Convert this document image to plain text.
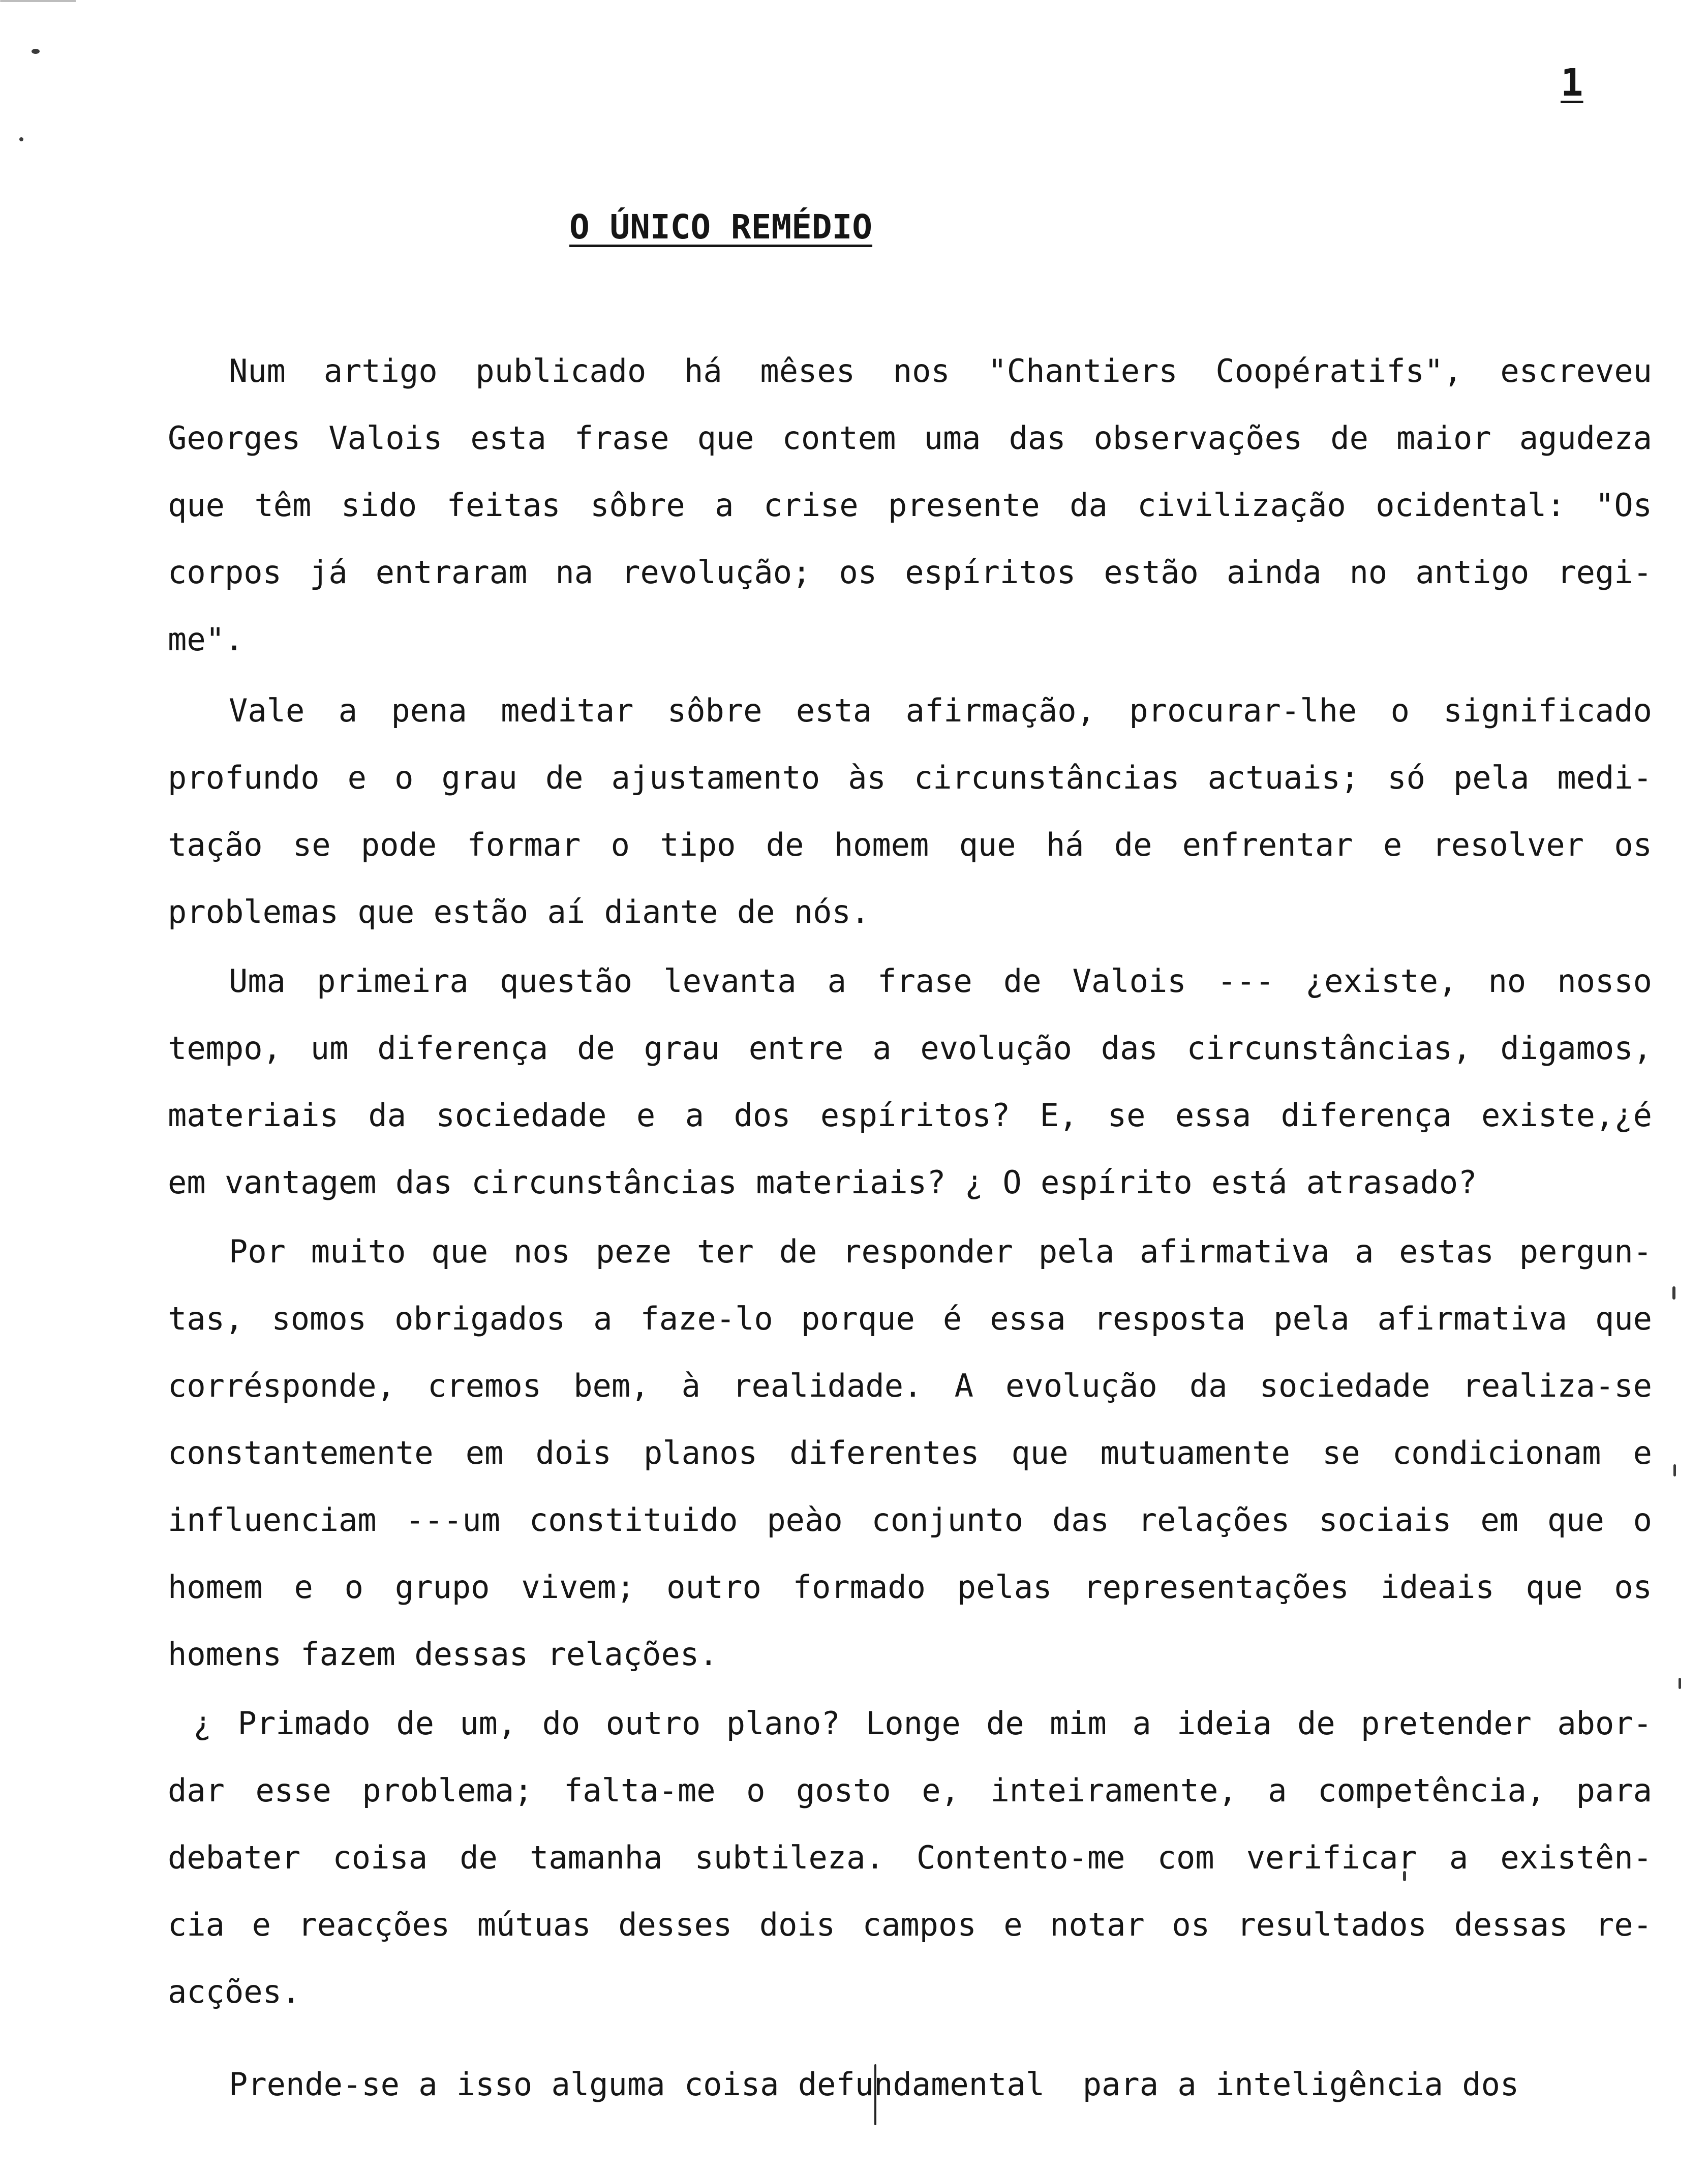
1
O ÚNICO REMÉDIO
Num artigo publicado há mêses nos "Chantiers Coopératifs", escreveu
Georges Valois esta frase que contem uma das observações de maior agudeza
que têm sido feitas sôbre a crise presente da civilização ocidental: "Os
corpos já entraram na revolução; os espíritos estão ainda no antigo regi-
me".
Vale a pena meditar sôbre esta afirmação, procurar-lhe o significado
profundo e o grau de ajustamento às circunstâncias actuais; só pela medi-
tação se pode formar o tipo de homem que há de enfrentar e resolver os
problemas que estão aí diante de nós.
Uma primeira questão levanta a frase de Valois --- ¿existe, no nosso
tempo, um diferença de grau entre a evolução das circunstâncias, digamos,
materiais da sociedade e a dos espíritos? E, se essa diferença existe,¿é
em vantagem das circunstâncias materiais? ¿ O espírito está atrasado?
Por muito que nos peze ter de responder pela afirmativa a estas pergun-
tas, somos obrigados a faze-lo porque é essa resposta pela afirmativa que
corrésponde, cremos bem, à realidade. A evolução da sociedade realiza-se
constantemente em dois planos diferentes que mutuamente se condicionam e
influenciam ---um constituido peào conjunto das relações sociais em que o
homem e o grupo vivem; outro formado pelas representações ideais que os
homens fazem dessas relações.
¿ Primado de um, do outro plano? Longe de mim a ideia de pretender abor-
dar esse problema; falta-me o gosto e, inteiramente, a competência, para
debater coisa de tamanha subtileza. Contento-me com verificar a existên-
cia e reacções mútuas desses dois campos e notar os resultados dessas re-
acções.
Prende-se a isso alguma coisa defundamental  para a inteligência dos
